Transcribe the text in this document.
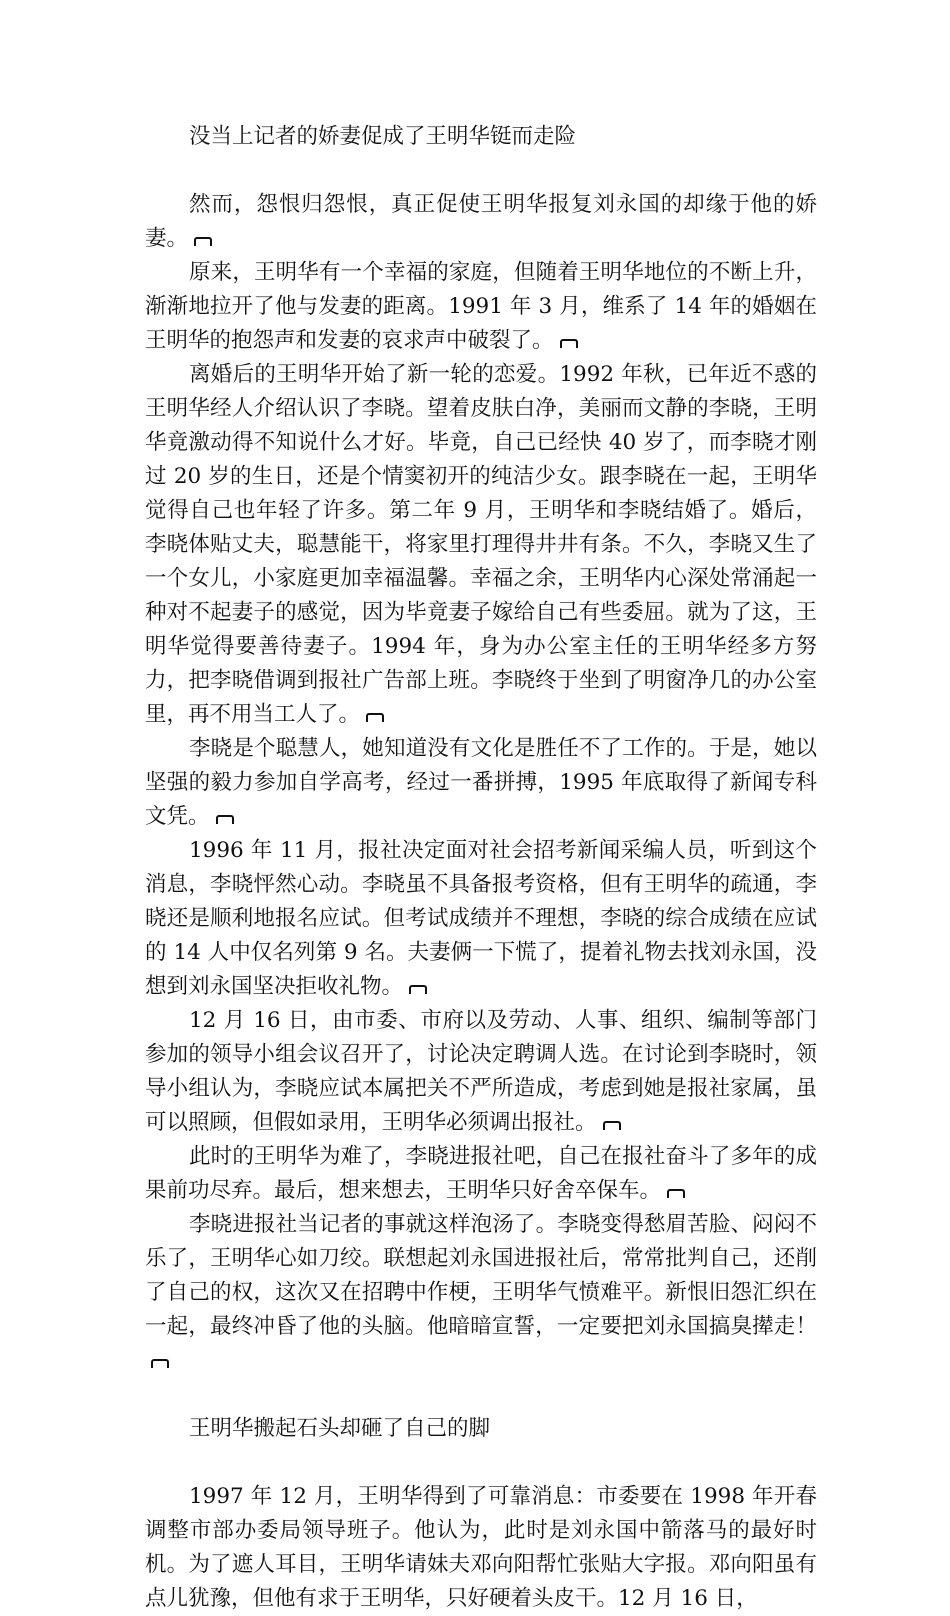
没当上记者的娇妻促成了王明华铤而走险

然而，怨恨归怨恨，真正促使王明华报复刘永国的却缘于他的娇妻。

原来，王明华有一个幸福的家庭，但随着王明华地位的不断上升，渐渐地拉开了他与发妻的距离。1991 年 3 月，维系了 14 年的婚姻在王明华的抱怨声和发妻的哀求声中破裂了。

离婚后的王明华开始了新一轮的恋爱。1992 年秋，已年近不惑的王明华经人介绍认识了李晓。望着皮肤白净，美丽而文静的李晓，王明华竟激动得不知说什么才好。毕竟，自己已经快 40 岁了，而李晓才刚过 20 岁的生日，还是个情窦初开的纯洁少女。跟李晓在一起，王明华觉得自己也年轻了许多。第二年 9 月，王明华和李晓结婚了。婚后，李晓体贴丈夫，聪慧能干，将家里打理得井井有条。不久，李晓又生了一个女儿，小家庭更加幸福温馨。幸福之余，王明华内心深处常涌起一种对不起妻子的感觉，因为毕竟妻子嫁给自己有些委屈。就为了这，王明华觉得要善待妻子。1994 年，身为办公室主任的王明华经多方努力，把李晓借调到报社广告部上班。李晓终于坐到了明窗净几的办公室里，再不用当工人了。

李晓是个聪慧人，她知道没有文化是胜任不了工作的。于是，她以坚强的毅力参加自学高考，经过一番拼搏，1995 年底取得了新闻专科文凭。

1996 年 11 月，报社决定面对社会招考新闻采编人员，听到这个消息，李晓怦然心动。李晓虽不具备报考资格，但有王明华的疏通，李晓还是顺利地报名应试。但考试成绩并不理想，李晓的综合成绩在应试的 14 人中仅名列第 9 名。夫妻俩一下慌了，提着礼物去找刘永国，没想到刘永国坚决拒收礼物。

12 月 16 日，由市委、市府以及劳动、人事、组织、编制等部门参加的领导小组会议召开了，讨论决定聘调人选。在讨论到李晓时，领导小组认为，李晓应试本属把关不严所造成，考虑到她是报社家属，虽可以照顾，但假如录用，王明华必须调出报社。

此时的王明华为难了，李晓进报社吧，自己在报社奋斗了多年的成果前功尽弃。最后，想来想去，王明华只好舍卒保车。

李晓进报社当记者的事就这样泡汤了。李晓变得愁眉苦脸、闷闷不乐了，王明华心如刀绞。联想起刘永国进报社后，常常批判自己，还削了自己的权，这次又在招聘中作梗，王明华气愤难平。新恨旧怨汇织在一起，最终冲昏了他的头脑。他暗暗宣誓，一定要把刘永国搞臭撵走！

王明华搬起石头却砸了自己的脚

1997 年 12 月，王明华得到了可靠消息：市委要在 1998 年开春调整市部办委局领导班子。他认为，此时是刘永国中箭落马的最好时机。为了遮人耳目，王明华请妹夫邓向阳帮忙张贴大字报。邓向阳虽有点儿犹豫，但他有求于王明华，只好硬着头皮干。12 月 16 日，
